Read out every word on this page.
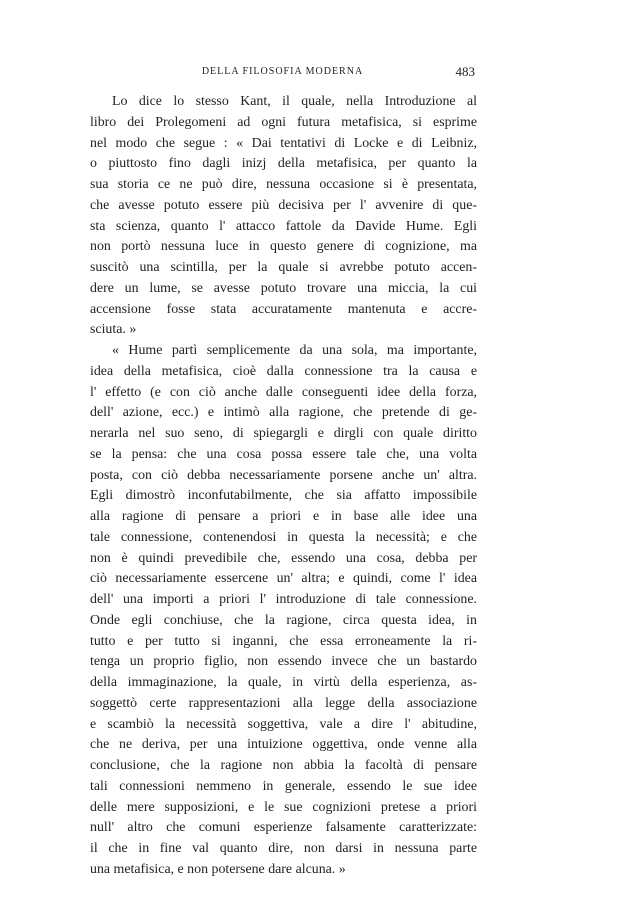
DELLA FILOSOFIA MODERNA	483
Lo dice lo stesso Kant, il quale, nella Introduzione al
libro dei Prolegomeni ad ogni futura metafisica, si esprime
nel modo che segue : « Dai tentativi di Locke e di Leibniz,
o piuttosto fino dagli inizj della metafisica, per quanto la
sua storia ce ne può dire, nessuna occasione si è presentata,
che avesse potuto essere più decisiva per l' avvenire di que-
sta scienza, quanto l' attacco fattole da Davide Hume. Egli
non portò nessuna luce in questo genere di cognizione, ma
suscitò una scintilla, per la quale si avrebbe potuto accen-
dere un lume, se avesse potuto trovare una miccia, la cui
accensione fosse stata accuratamente mantenuta e accre-
sciuta. »
« Hume partì semplicemente da una sola, ma importante,
idea della metafisica, cioè dalla connessione tra la causa e
l' effetto (e con ciò anche dalle conseguenti idee della forza,
dell' azione, ecc.) e intimò alla ragione, che pretende di ge-
nerarla nel suo seno, di spiegargli e dirgli con quale diritto
se la pensa: che una cosa possa essere tale che, una volta
posta, con ciò debba necessariamente porsene anche un' altra.
Egli dimostrò inconfutabilmente, che sia affatto impossibile
alla ragione di pensare a priori e in base alle idee una
tale connessione, contenendosi in questa la necessità; e che
non è quindi prevedibile che, essendo una cosa, debba per
ciò necessariamente essercene un' altra; e quindi, come l' idea
dell' una importi a priori l' introduzione di tale connessione.
Onde egli conchiuse, che la ragione, circa questa idea, in
tutto e per tutto si inganni, che essa erroneamente la ri-
tenga un proprio figlio, non essendo invece che un bastardo
della immaginazione, la quale, in virtù della esperienza, as-
soggettò certe rappresentazioni alla legge della associazione
e scambiò la necessità soggettiva, vale a dire l' abitudine,
che ne deriva, per una intuizione oggettiva, onde venne alla
conclusione, che la ragione non abbia la facoltà di pensare
tali connessioni nemmeno in generale, essendo le sue idee
delle mere supposizioni, e le sue cognizioni pretese a priori
null' altro che comuni esperienze falsamente caratterizzate:
il che in fine val quanto dire, non darsi in nessuna parte
una metafisica, e non potersene dare alcuna. »
